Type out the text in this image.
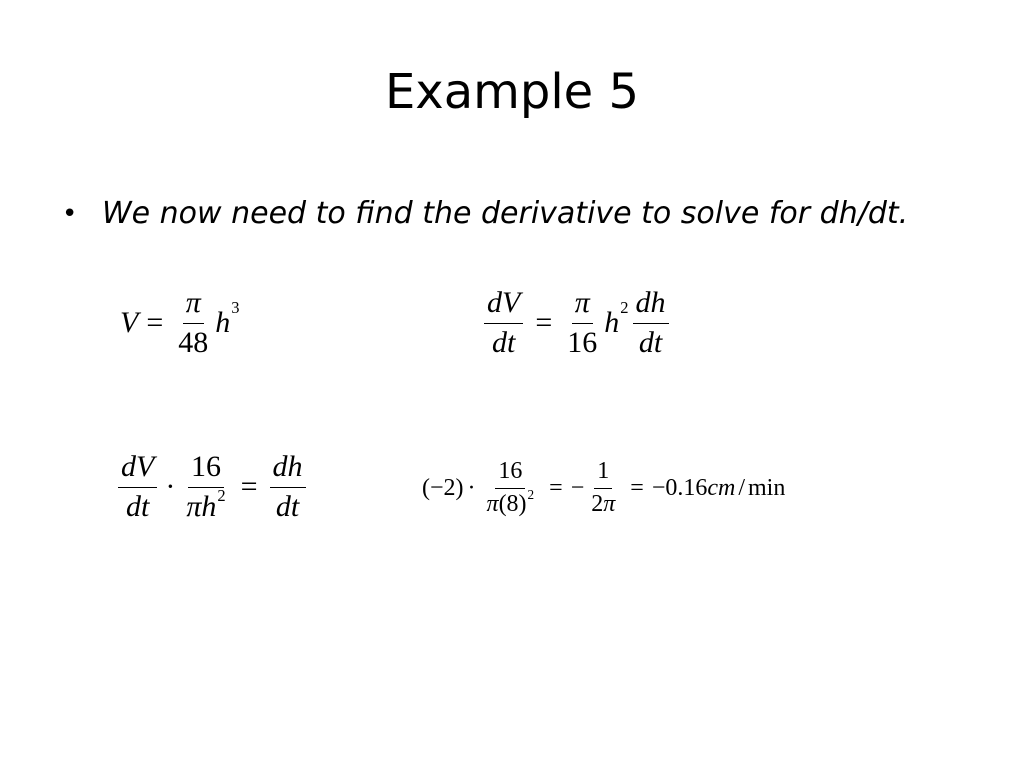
Example 5
• We now need to find the derivative to solve for dh/dt.
$V = \frac{\pi}{48} h^3$	$\frac{dV}{dt} = \frac{\pi}{16} h^2 \frac{dh}{dt}$
$\frac{dV}{dt} \cdot \frac{16}{\pi h^2} = \frac{dh}{dt}$	$(-2) \cdot \frac{16}{\pi(8)^2}$ = − $\frac{1}{2\pi} = -0.16$ cm / min
